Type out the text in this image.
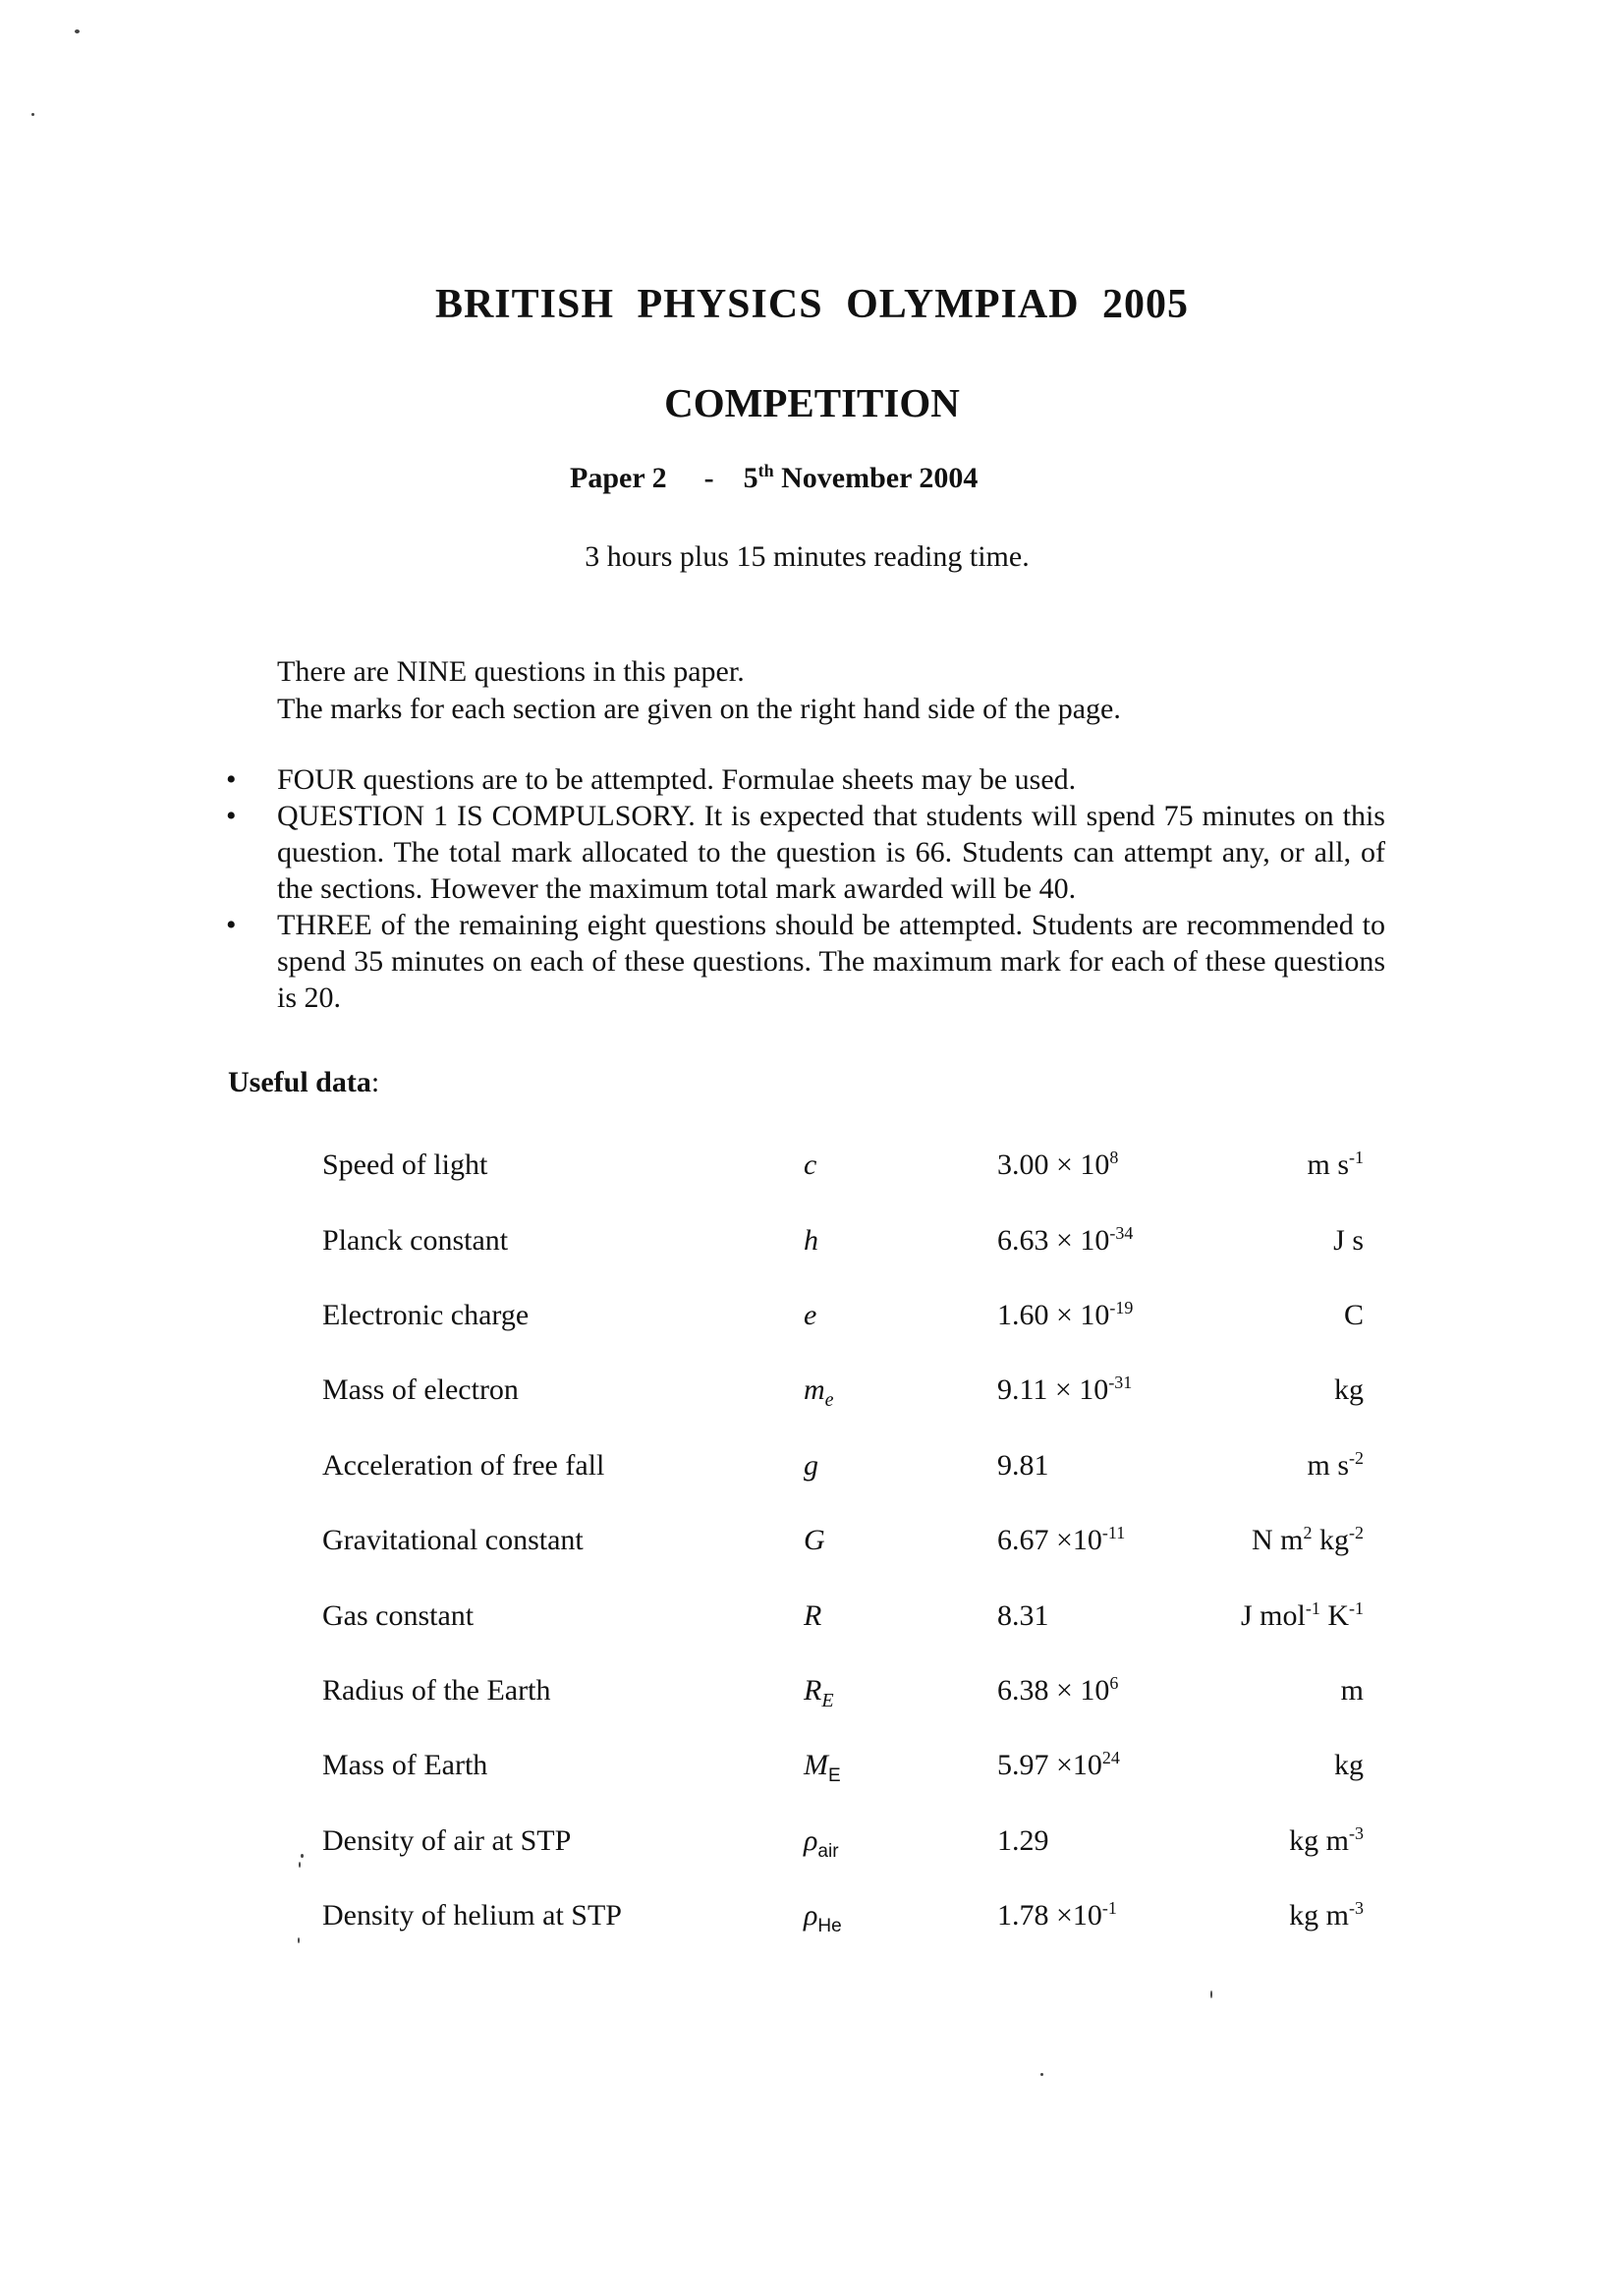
BRITISH PHYSICS OLYMPIAD 2005
COMPETITION
Paper 2 - 5th November 2004
3 hours plus 15 minutes reading time.
There are NINE questions in this paper.
The marks for each section are given on the right hand side of the page.
•	FOUR questions are to be attempted. Formulae sheets may be used.
•	QUESTION 1 IS COMPULSORY. It is expected that students will spend 75 minutes on this question. The total mark allocated to the question is 66. Students can attempt any, or all, of the sections. However the maximum total mark awarded will be 40.
•	THREE of the remaining eight questions should be attempted. Students are recommended to spend 35 minutes on each of these questions. The maximum mark for each of these questions is 20.
Useful data:
Speed of light	c	$3.00 \times 10^8$	m $s^{-1}$
Planck constant	h	$6.63 \times 10^{-34}$	J s
Electronic charge	e	$1.60 \times 10^{-19}$	C
Mass of electron	$m_e$	$9.11 \times 10^{-31}$	kg
Acceleration of free fall	g	9.81	m $s^{-2}$
Gravitational constant	G	$6.67 \times 10^{-11}$	N $m^2$ $kg^{-2}$
Gas constant	R	8.31	J mol$^{-1}$ $K^{-1}$
Radius of the Earth	$R_E$	$6.38 \times 10^6$	m
Mass of Earth	$M_E$	$5.97 \times 10^{24}$	kg
Density of air at STP	$\rho_{air}$	1.29	kg $m^{-3}$
Density of helium at STP	$\rho_{He}$	$1.78 \times 10^{-1}$	kg $m^{-3}$
